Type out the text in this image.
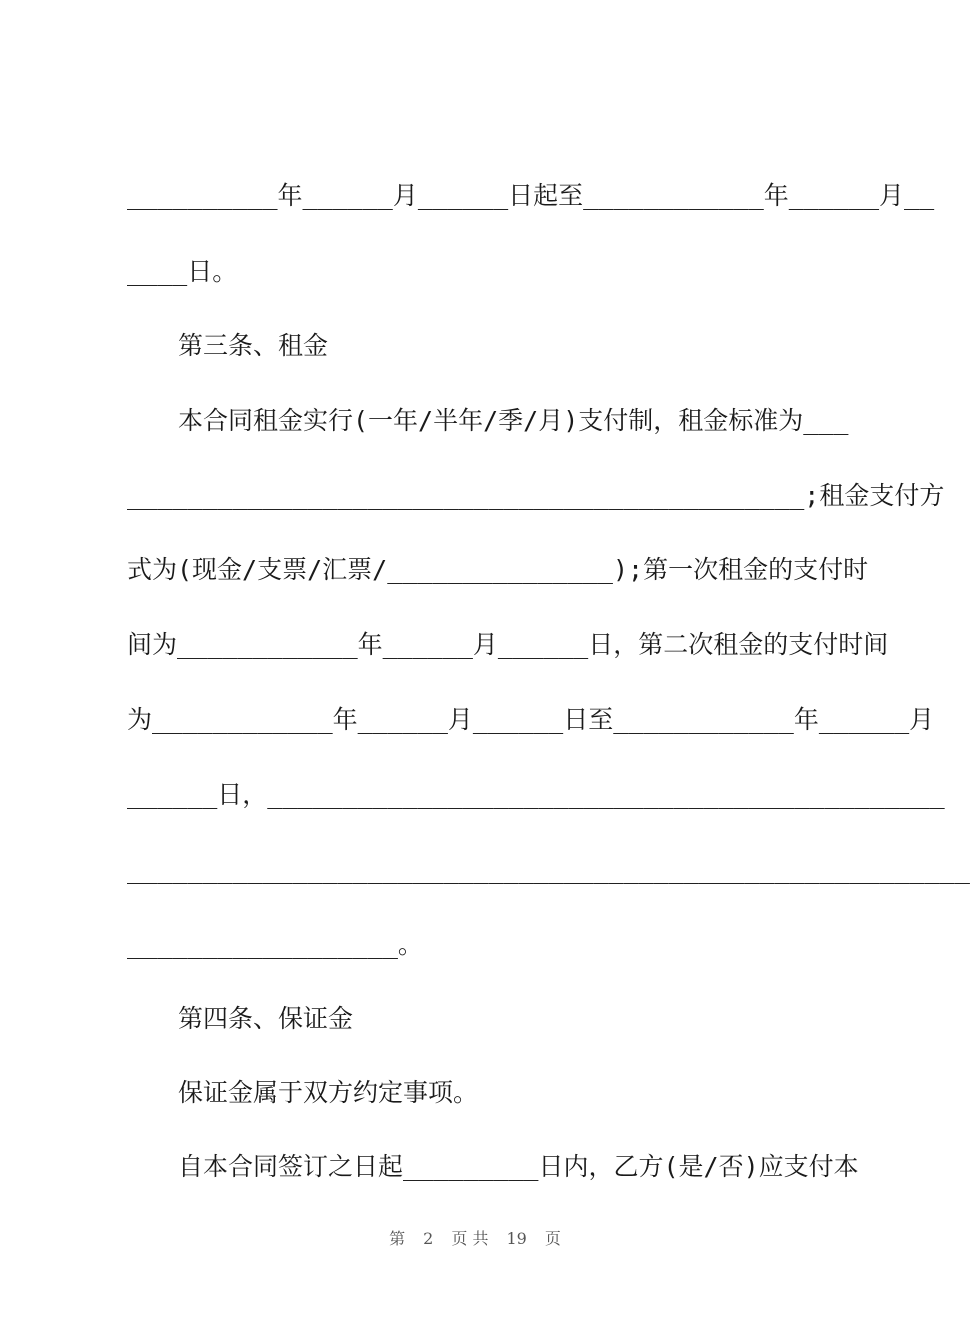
__________年______月______日起至____________年______月__
____日。
第三条、租金
本合同租金实行(一年/半年/季/月)支付制，租金标准为___
_____________________________________________;租金支付方
式为(现金/支票/汇票/_______________);第一次租金的支付时
间为____________年______月______日，第二次租金的支付时间
为____________年______月______日至____________年______月
______日，_____________________________________________
________________________________________________________
__________________。
第四条、保证金
保证金属于双方约定事项。
自本合同签订之日起_________日内，乙方(是/否)应支付本
第 2 页 共 19 页
